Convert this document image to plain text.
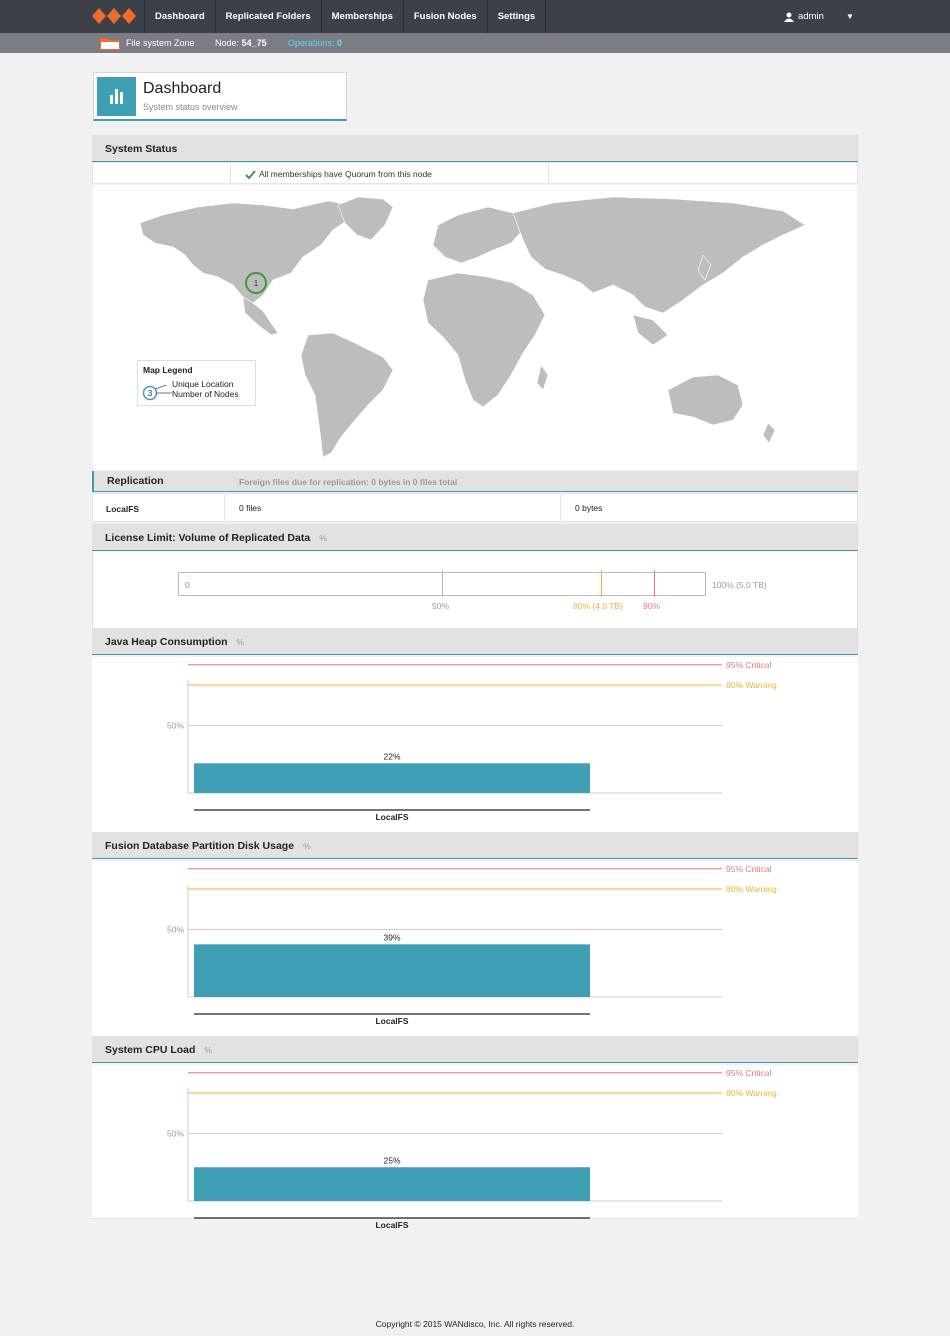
Dashboard	Replicated Folders	Memberships	Fusion Nodes	Settings	admin	▼
File system Zone Node: 54_75 Operations: 0
Dashboard
System status overview
System Status
All memberships have Quorum from this node
1
Map Legend
3
Unique Location
Number of Nodes
Replication	Foreign files due for replication: 0 bytes in 0 files total
LocalFS	0 files	0 bytes
License Limit: Volume of Replicated Data %
0	100% (5.0 TB)
50%	80% (4.0 TB) 90%
Java Heap Consumption %
50%
95% Critical
80% Warning
22%
LocalFS
Fusion Database Partition Disk Usage %
50%
95% Critical
80% Warning
39%
LocalFS
System CPU Load %
50%
95% Critical
80% Warning
25%
LocalFS
Copyright © 2015 WANdisco, Inc. All rights reserved.
